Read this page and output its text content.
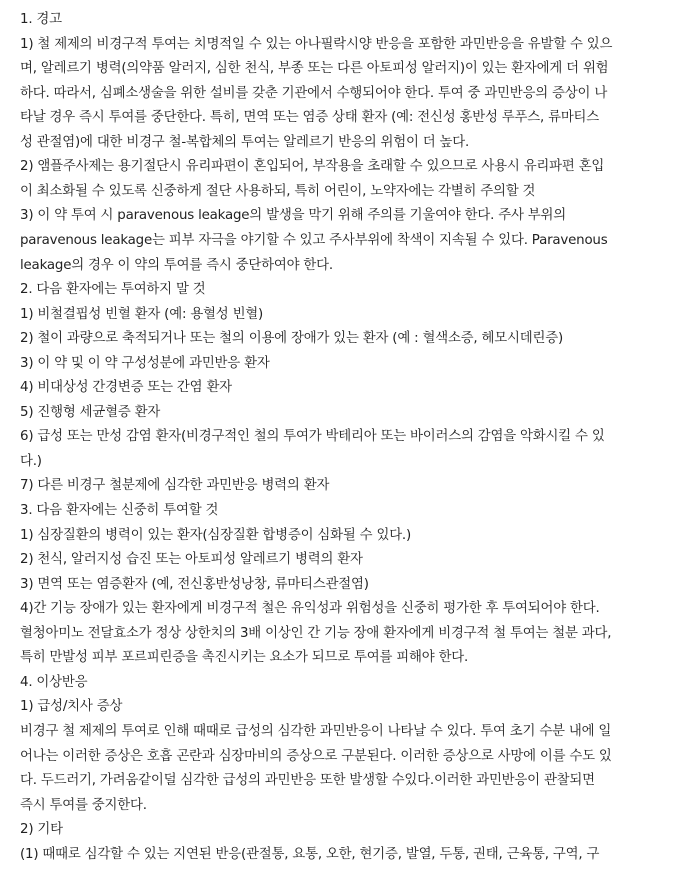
1. 경고
1) 철 제제의 비경구적 투여는 치명적일 수 있는 아나필락시양 반응을 포함한 과민반응을 유발할 수 있으
며, 알레르기 병력(의약품 알러지, 심한 천식, 부종 또는 다른 아토피성 알러지)이 있는 환자에게 더 위험
하다. 따라서, 심폐소생술을 위한 설비를 갖춘 기관에서 수행되어야 한다. 투여 중 과민반응의 증상이 나
타날 경우 즉시 투여를 중단한다. 특히, 면역 또는 염증 상태 환자 (예: 전신성 홍반성 루푸스, 류마티스
성 관절염)에 대한 비경구 철-복합체의 투여는 알레르기 반응의 위험이 더 높다.
2) 앰플주사제는 용기절단시 유리파편이 혼입되어, 부작용을 초래할 수 있으므로 사용시 유리파편 혼입
이 최소화될 수 있도록 신중하게 절단 사용하되, 특히 어린이, 노약자에는 각별히 주의할 것
3) 이 약 투여 시 paravenous leakage의 발생을 막기 위해 주의를 기울여야 한다. 주사 부위의
paravenous leakage는 피부 자극을 야기할 수 있고 주사부위에 착색이 지속될 수 있다. Paravenous
leakage의 경우 이 약의 투여를 즉시 중단하여야 한다.
2. 다음 환자에는 투여하지 말 것
1) 비철결핍성 빈혈 환자 (예: 용혈성 빈혈)
2) 철이 과량으로 축적되거나 또는 철의 이용에 장애가 있는 환자 (예 : 혈색소증, 헤모시데린증)
3) 이 약 및 이 약 구성성분에 과민반응 환자
4) 비대상성 간경변증 또는 간염 환자
5) 진행형 세균혈증 환자
6) 급성 또는 만성 감염 환자(비경구적인 철의 투여가 박테리아 또는 바이러스의 감염을 악화시킬 수 있
다.)
7) 다른 비경구 철분제에 심각한 과민반응 병력의 환자
3. 다음 환자에는 신중히 투여할 것
1) 심장질환의 병력이 있는 환자(심장질환 합병증이 심화될 수 있다.)
2) 천식, 알러지성 습진 또는 아토피성 알레르기 병력의 환자
3) 면역 또는 염증환자 (예, 전신홍반성낭창, 류마티스관절염)
4)간 기능 장애가 있는 환자에게 비경구적 철은 유익성과 위험성을 신중히 평가한 후 투여되어야 한다.
혈청아미노 전달효소가 정상 상한치의 3배 이상인 간 기능 장애 환자에게 비경구적 철 투여는 철분 과다,
특히 만발성 피부 포르피린증을 촉진시키는 요소가 되므로 투여를 피해야 한다.
4. 이상반응
1) 급성/치사 증상
비경구 철 제제의 투여로 인해 때때로 급성의 심각한 과민반응이 나타날 수 있다. 투여 초기 수분 내에 일
어나는 이러한 증상은 호흡 곤란과 심장마비의 증상으로 구분된다. 이러한 증상으로 사망에 이를 수도 있
다. 두드러기, 가려움같이덜 심각한 급성의 과민반응 또한 발생할 수있다.이러한 과민반응이 관찰되면
즉시 투여를 중지한다.
2) 기타
(1) 때때로 심각할 수 있는 지연된 반응(관절통, 요통, 오한, 현기증, 발열, 두통, 권태, 근육통, 구역, 구
